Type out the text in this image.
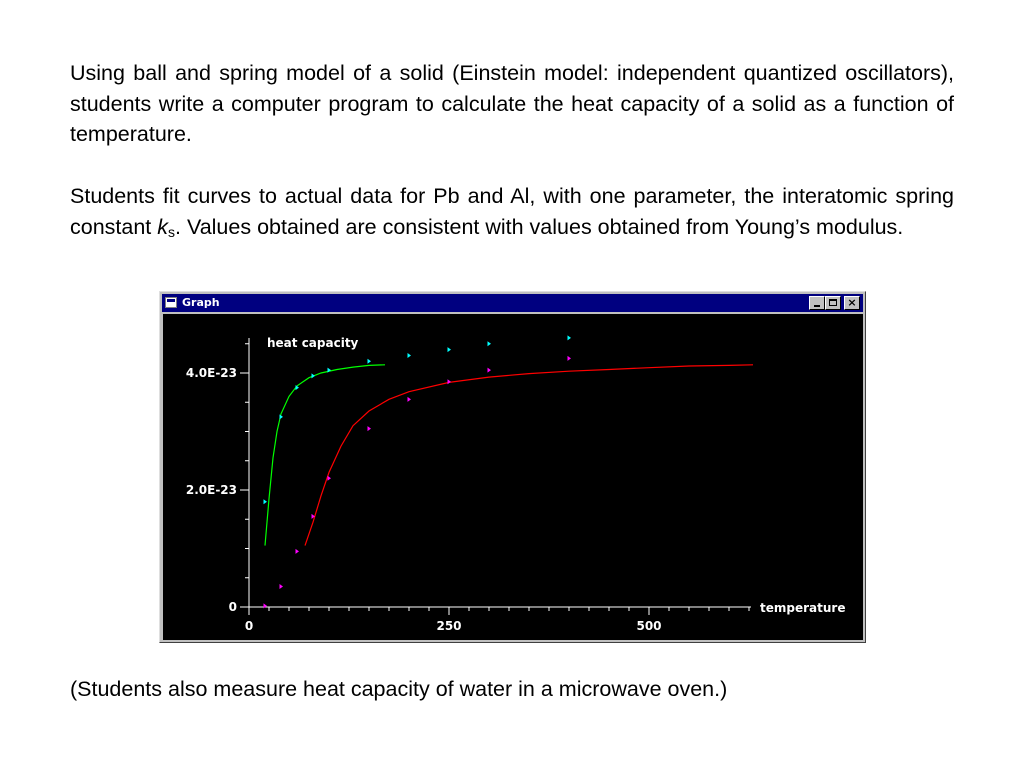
Using ball and spring model of a solid (Einstein model: independent quantized oscillators), students write a computer program to calculate the heat capacity of a solid as a function of temperature.

Students fit curves to actual data for Pb and Al, with one parameter, the interatomic spring constant $k_s$. Values obtained are consistent with values obtained from Young’s modulus.

Graph	×
0
2.0E-23
4.0E-23
0	250	500
heat capacity
temperature

(Students also measure heat capacity of water in a microwave oven.)
